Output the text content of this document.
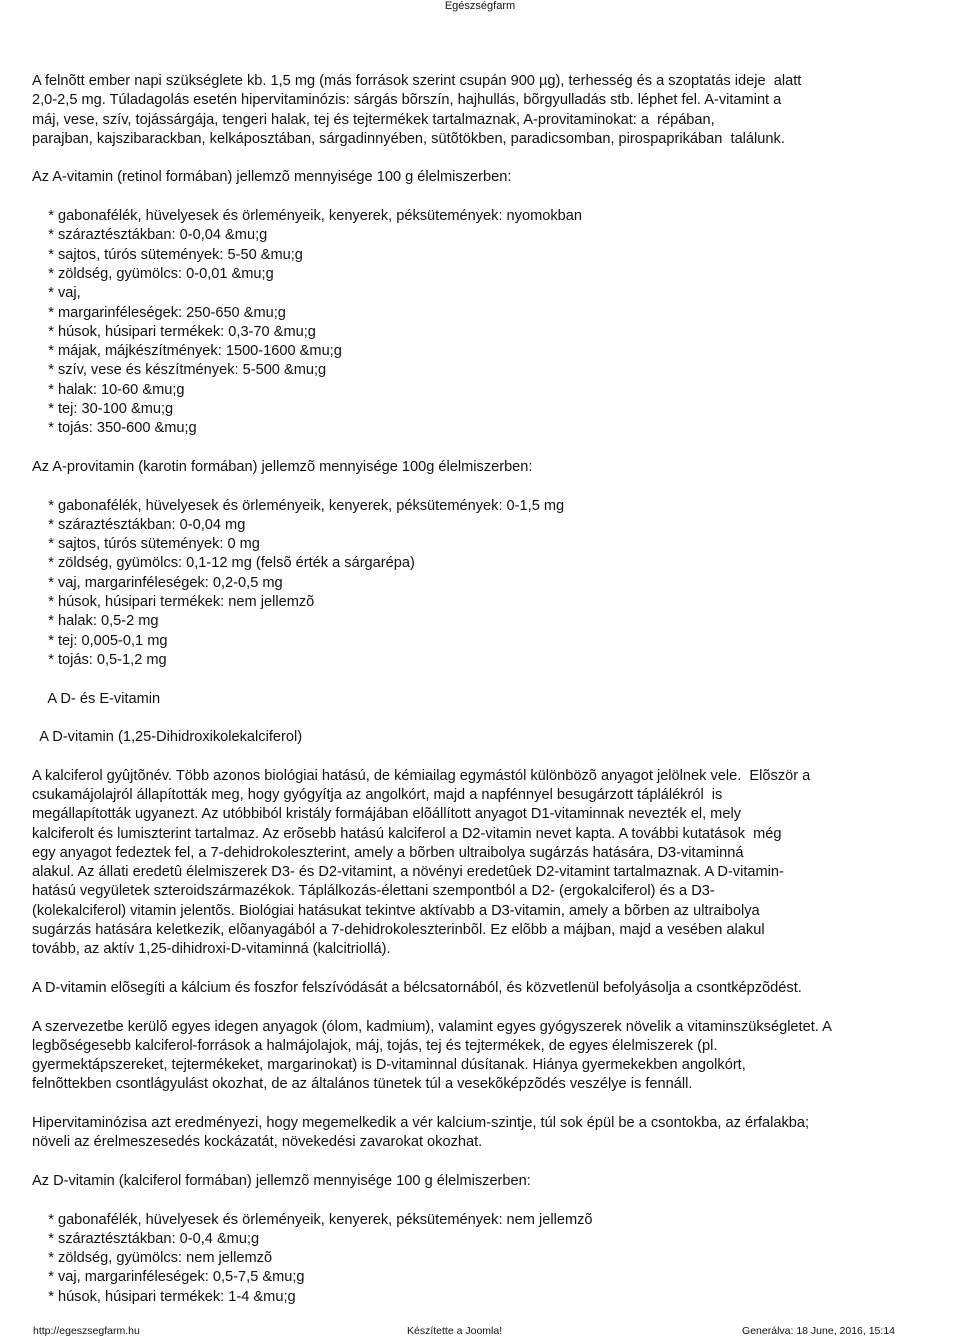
Egészségfarm
A felnõtt ember napi szükséglete kb. 1,5 mg (más források szerint csupán 900 µg), terhesség és a szoptatás ideje  alatt
2,0-2,5 mg. Túladagolás esetén hipervitaminózis: sárgás bõrszín, hajhullás, bõrgyulladás stb. léphet fel. A-vitamint a
máj, vese, szív, tojássárgája, tengeri halak, tej és tejtermékek tartalmaznak, A-provitaminokat: a  répában,
parajban, kajszibarackban, kelkáposztában, sárgadinnyében, sütõtökben, paradicsomban, pirospaprikában  találunk.
Az A-vitamin (retinol formában) jellemzõ mennyisége 100 g élelmiszerben:
* gabonafélék, hüvelyesek és örleményeik, kenyerek, péksütemények: nyomokban
* száraztésztákban: 0-0,04 &mu;g
* sajtos, túrós sütemények: 5-50 &mu;g
* zöldség, gyümölcs: 0-0,01 &mu;g
* vaj,
* margarinféleségek: 250-650 &mu;g
* húsok, húsipari termékek: 0,3-70 &mu;g
* májak, májkészítmények: 1500-1600 &mu;g
* szív, vese és készítmények: 5-500 &mu;g
* halak: 10-60 &mu;g
* tej: 30-100 &mu;g
* tojás: 350-600 &mu;g
Az A-provitamin (karotin formában) jellemzõ mennyisége 100g élelmiszerben:
* gabonafélék, hüvelyesek és örleményeik, kenyerek, péksütemények: 0-1,5 mg
* száraztésztákban: 0-0,04 mg
* sajtos, túrós sütemények: 0 mg
* zöldség, gyümölcs: 0,1-12 mg (felsõ érték a sárgarépa)
* vaj, margarinféleségek: 0,2-0,5 mg
* húsok, húsipari termékek: nem jellemzõ
* halak: 0,5-2 mg
* tej: 0,005-0,1 mg
* tojás: 0,5-1,2 mg
A D- és E-vitamin
A D-vitamin (1,25-Dihidroxikolekalciferol)
A kalciferol gyûjtõnév. Több azonos biológiai hatású, de kémiailag egymástól különbözõ anyagot jelölnek vele.  Elõször a
csukamájolajról állapították meg, hogy gyógyítja az angolkórt, majd a napfénnyel besugárzott táplálékról  is
megállapították ugyanezt. Az utóbbiból kristály formájában elõállított anyagot D1-vitaminnak nevezték el, mely
kalciferolt és lumiszterint tartalmaz. Az erõsebb hatású kalciferol a D2-vitamin nevet kapta. A további kutatások  még
egy anyagot fedeztek fel, a 7-dehidrokoleszterint, amely a bõrben ultraibolya sugárzás hatására, D3-vitaminná
alakul. Az állati eredetû élelmiszerek D3- és D2-vitamint, a növényi eredetûek D2-vitamint tartalmaznak. A D-vitamin-
hatású vegyületek szteroidszármazékok. Táplálkozás-élettani szempontból a D2- (ergokalciferol) és a D3-
(kolekalciferol) vitamin jelentõs. Biológiai hatásukat tekintve aktívabb a D3-vitamin, amely a bõrben az ultraibolya
sugárzás hatására keletkezik, elõanyagából a 7-dehidrokoleszterinbõl. Ez elõbb a májban, majd a vesében alakul
tovább, az aktív 1,25-dihidroxi-D-vitaminná (kalcitriollá).
A D-vitamin elõsegíti a kálcium és foszfor felszívódását a bélcsatornából, és közvetlenül befolyásolja a csontképzõdést.
A szervezetbe kerülõ egyes idegen anyagok (ólom, kadmium), valamint egyes gyógyszerek növelik a vitaminszükségletet. A
legbõségesebb kalciferol-források a halmájolajok, máj, tojás, tej és tejtermékek, de egyes élelmiszerek (pl.
gyermektápszereket, tejtermékeket, margarinokat) is D-vitaminnal dúsítanak. Hiánya gyermekekben angolkórt,
felnõttekben csontlágyulást okozhat, de az általános tünetek túl a vesekõképzõdés veszélye is fennáll.
Hipervitaminózisa azt eredményezi, hogy megemelkedik a vér kalcium-szintje, túl sok épül be a csontokba, az érfalakba;
növeli az érelmeszesedés kockázatát, növekedési zavarokat okozhat.
Az D-vitamin (kalciferol formában) jellemzõ mennyisége 100 g élelmiszerben:
* gabonafélék, hüvelyesek és örleményeik, kenyerek, péksütemények: nem jellemzõ
* száraztésztákban: 0-0,4 &mu;g
* zöldség, gyümölcs: nem jellemzõ
* vaj, margarinféleségek: 0,5-7,5 &mu;g
* húsok, húsipari termékek: 1-4 &mu;g
http://egeszsegfarm.hu	Készítette a Joomla!	Generálva: 18 June, 2016, 15:14
